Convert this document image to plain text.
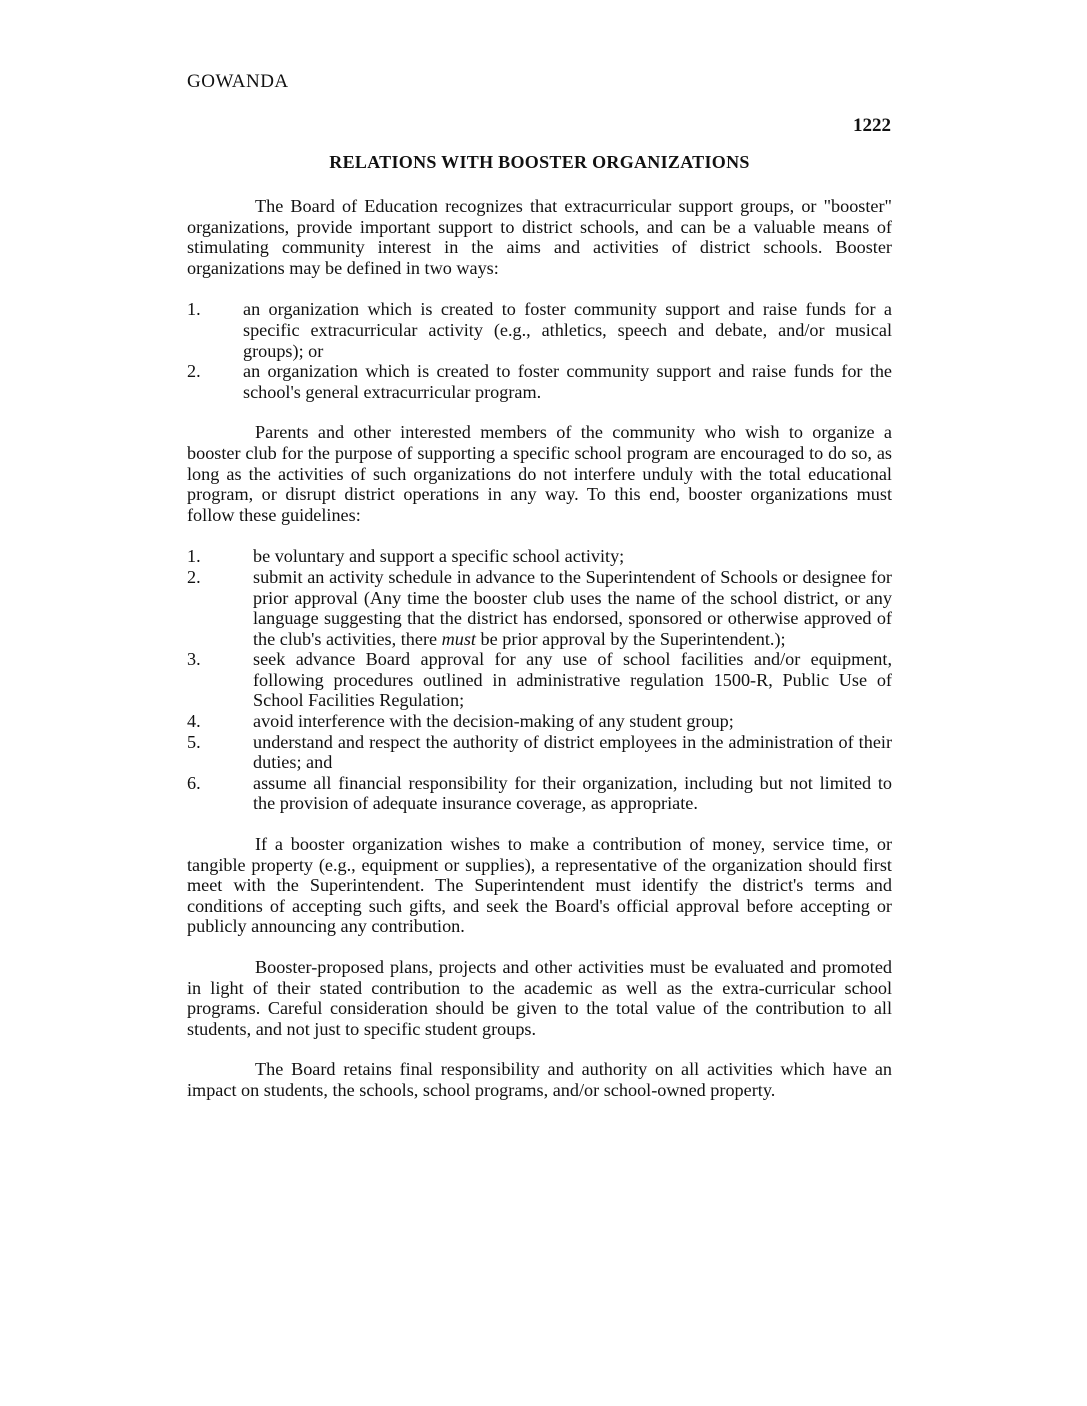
GOWANDA

1222

RELATIONS WITH BOOSTER ORGANIZATIONS

The Board of Education recognizes that extracurricular support groups, or "booster" organizations, provide important support to district schools, and can be a valuable means of stimulating community interest in the aims and activities of district schools. Booster organizations may be defined in two ways:

1.	an organization which is created to foster community support and raise funds for a specific extracurricular activity (e.g., athletics, speech and debate, and/or musical groups); or
2.	an organization which is created to foster community support and raise funds for the school's general extracurricular program.

Parents and other interested members of the community who wish to organize a booster club for the purpose of supporting a specific school program are encouraged to do so, as long as the activities of such organizations do not interfere unduly with the total educational program, or disrupt district operations in any way. To this end, booster organizations must follow these guidelines:

1.	be voluntary and support a specific school activity;
2.	submit an activity schedule in advance to the Superintendent of Schools or designee for prior approval (Any time the booster club uses the name of the school district, or any language suggesting that the district has endorsed, sponsored or otherwise approved of the club's activities, there must be prior approval by the Superintendent.);
3.	seek advance Board approval for any use of school facilities and/or equipment, following procedures outlined in administrative regulation 1500-R, Public Use of School Facilities Regulation;
4.	avoid interference with the decision-making of any student group;
5.	understand and respect the authority of district employees in the administration of their duties; and
6.	assume all financial responsibility for their organization, including but not limited to the provision of adequate insurance coverage, as appropriate.

If a booster organization wishes to make a contribution of money, service time, or tangible property (e.g., equipment or supplies), a representative of the organization should first meet with the Superintendent. The Superintendent must identify the district's terms and conditions of accepting such gifts, and seek the Board's official approval before accepting or publicly announcing any contribution.

Booster-proposed plans, projects and other activities must be evaluated and promoted in light of their stated contribution to the academic as well as the extra-curricular school programs. Careful consideration should be given to the total value of the contribution to all students, and not just to specific student groups.

The Board retains final responsibility and authority on all activities which have an impact on students, the schools, school programs, and/or school-owned property.
